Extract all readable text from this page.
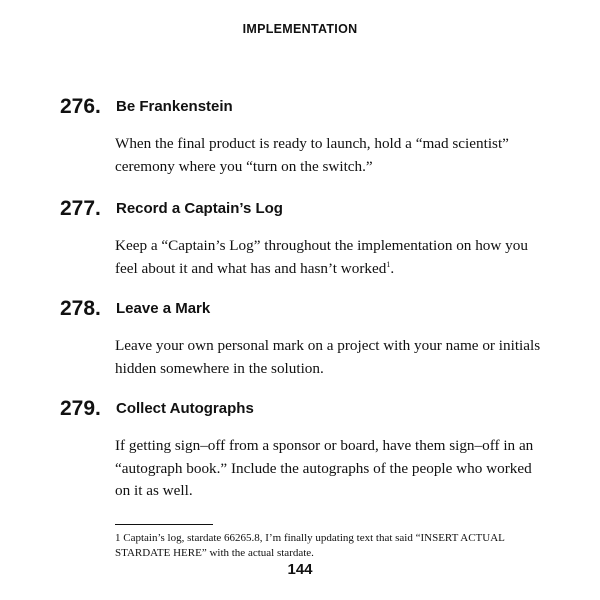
IMPLEMENTATION
276. Be Frankenstein
When the final product is ready to launch, hold a “mad scientist” ceremony where you “turn on the switch.”
277. Record a Captain’s Log
Keep a “Captain’s Log” throughout the implementation on how you feel about it and what has and hasn’t worked$^1$.
278. Leave a Mark
Leave your own personal mark on a project with your name or initials hidden somewhere in the solution.
279. Collect Autographs
If getting sign–off from a sponsor or board, have them sign–off in an “autograph book.” Include the autographs of the people who worked on it as well.
1 Captain’s log, stardate 66265.8, I’m finally updating text that said “INSERT ACTUAL STARDATE HERE” with the actual stardate.
144
